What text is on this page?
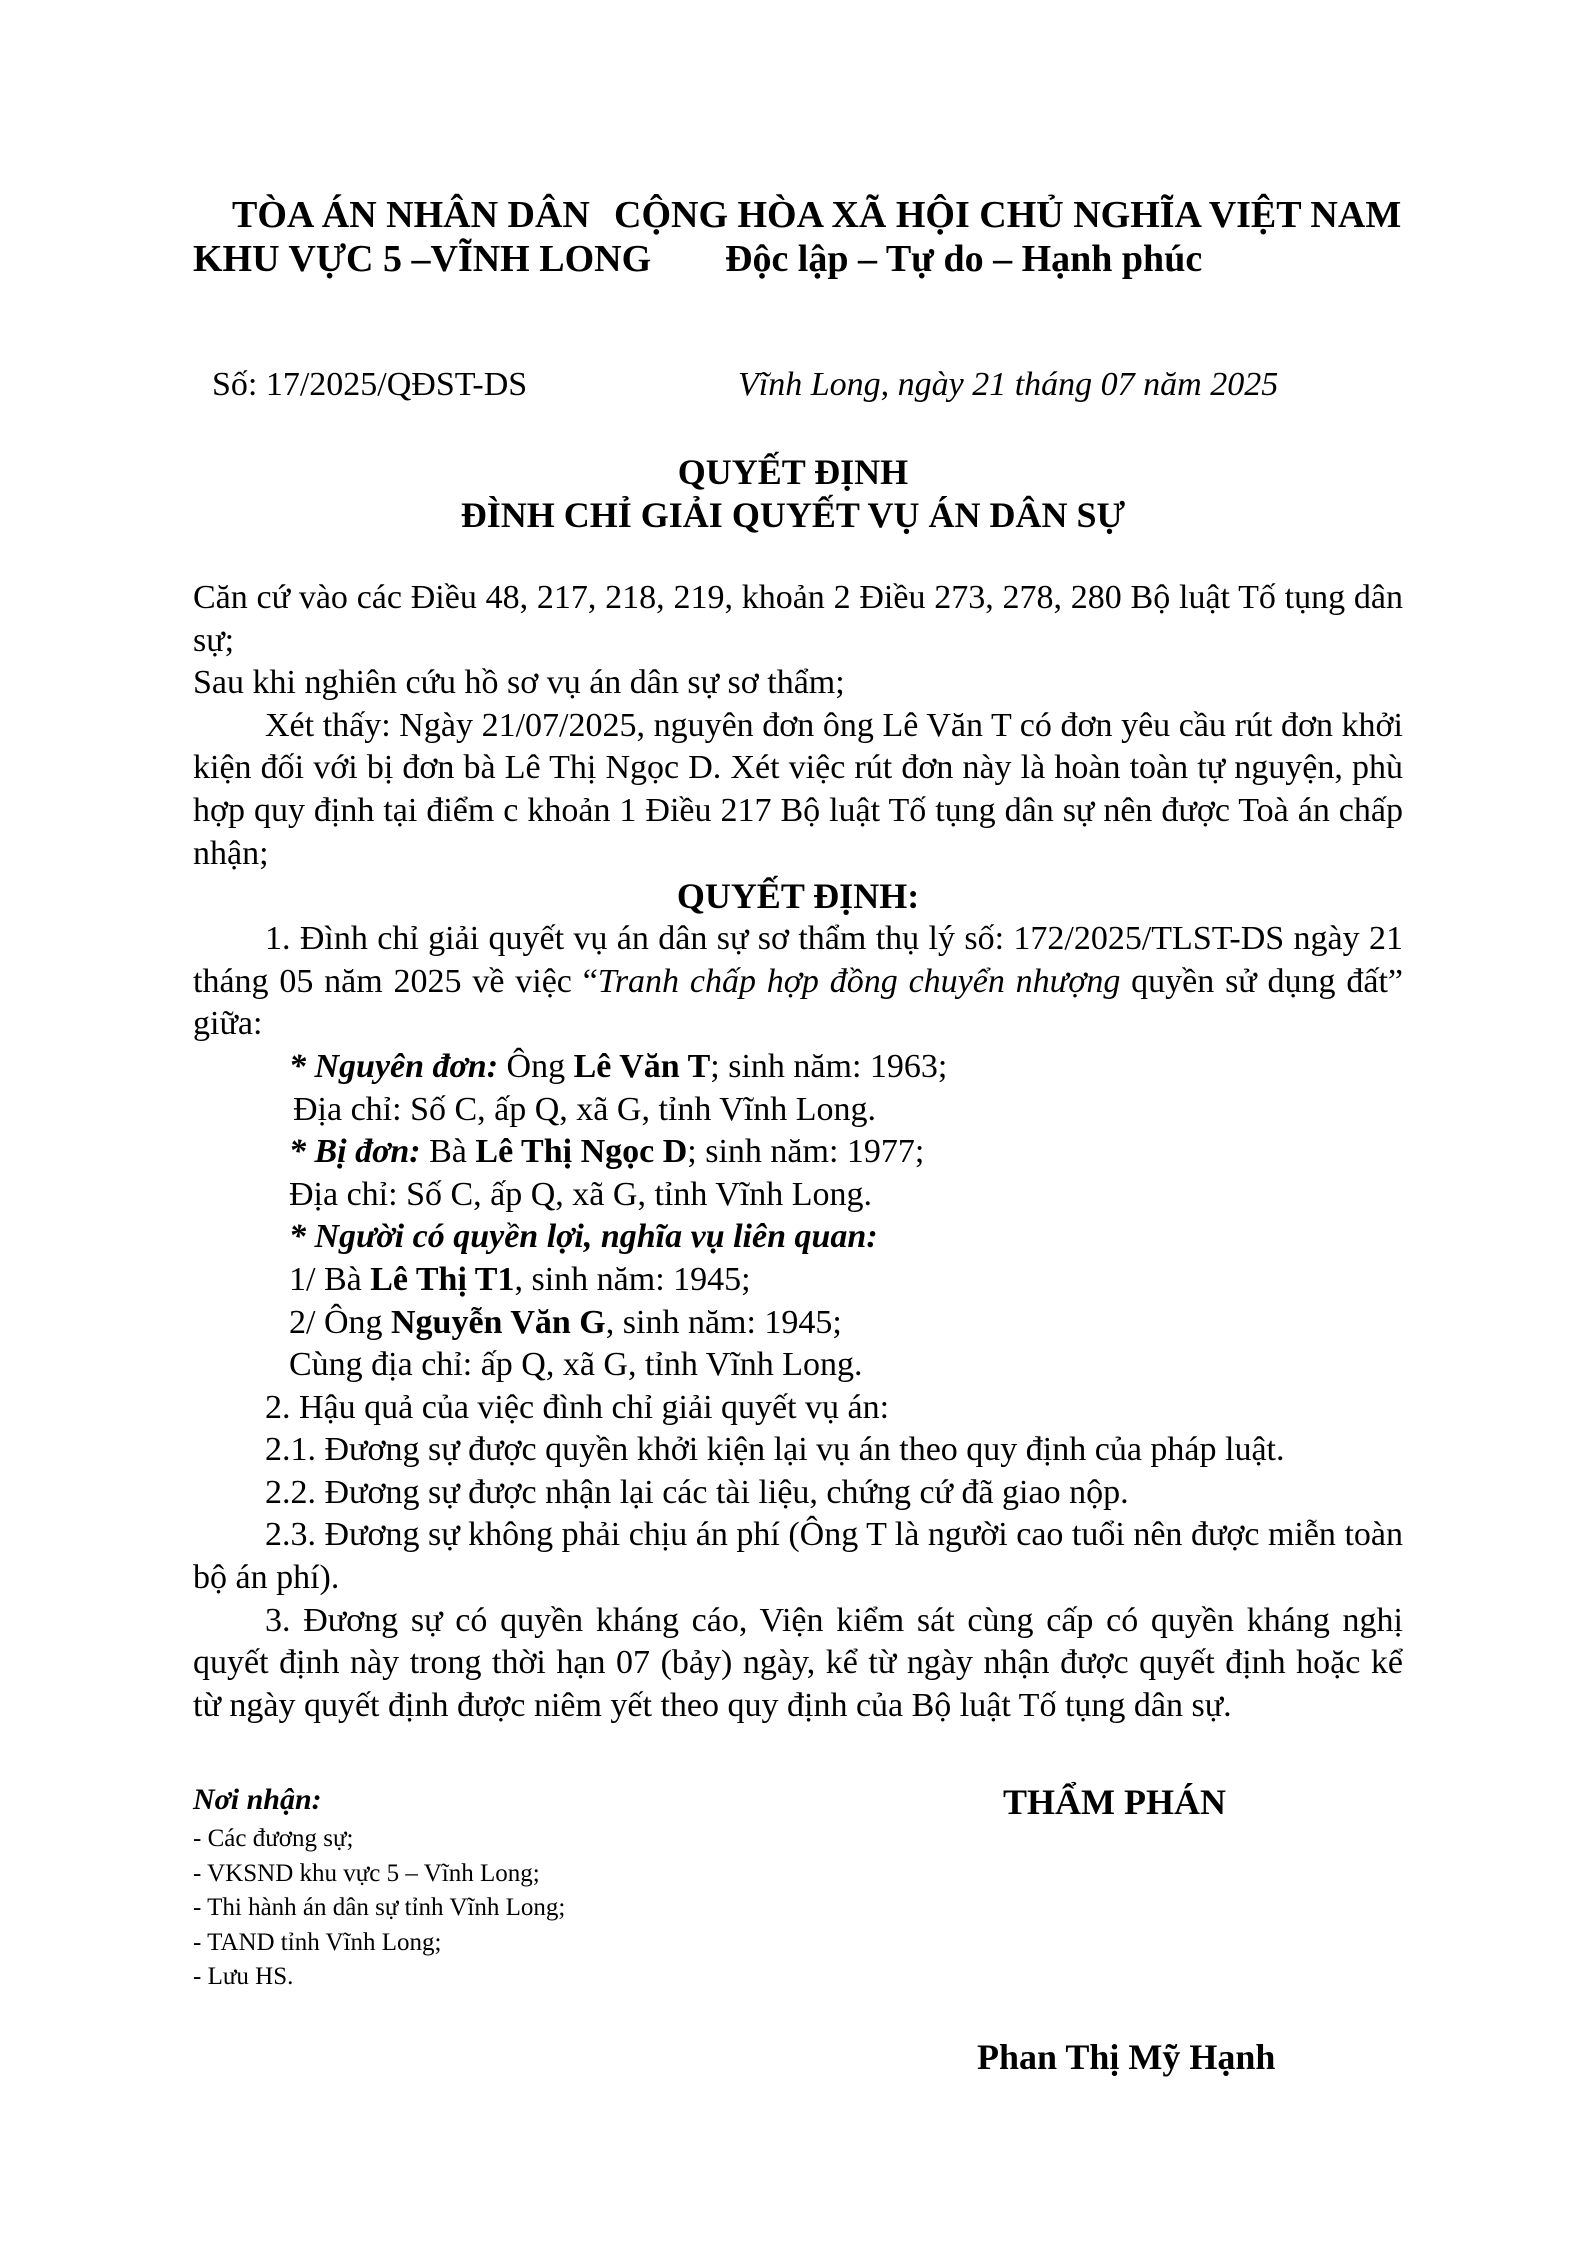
TÒA ÁN NHÂN DÂN
KHU VỰC 5 –VĨNH LONG
CỘNG HÒA XÃ HỘI CHỦ NGHĨA VIỆT NAM
Độc lập – Tự do – Hạnh phúc
Số: 17/2025/QĐST-DS	Vĩnh Long, ngày 21 tháng 07 năm 2025
QUYẾT ĐỊNH
ĐÌNH CHỈ GIẢI QUYẾT VỤ ÁN DÂN SỰ

Căn cứ vào các Điều 48, 217, 218, 219, khoản 2 Điều 273, 278, 280 Bộ luật Tố tụng dân sự;

Sau khi nghiên cứu hồ sơ vụ án dân sự sơ thẩm;

Xét thấy: Ngày 21/07/2025, nguyên đơn ông Lê Văn T có đơn yêu cầu rút đơn khởi kiện đối với bị đơn bà Lê Thị Ngọc D. Xét việc rút đơn này là hoàn toàn tự nguyện, phù hợp quy định tại điểm c khoản 1 Điều 217 Bộ luật Tố tụng dân sự nên được Toà án chấp nhận;

QUYẾT ĐỊNH:

1. Đình chỉ giải quyết vụ án dân sự sơ thẩm thụ lý số: 172/2025/TLST-DS ngày 21 tháng 05 năm 2025 về việc “Tranh chấp hợp đồng chuyển nhượng quyền sử dụng đất” giữa:

* Nguyên đơn: Ông Lê Văn T; sinh năm: 1963;

Địa chỉ: Số C, ấp Q, xã G, tỉnh Vĩnh Long.

* Bị đơn: Bà Lê Thị Ngọc D; sinh năm: 1977;

Địa chỉ: Số C, ấp Q, xã G, tỉnh Vĩnh Long.

* Người có quyền lợi, nghĩa vụ liên quan:

1/ Bà Lê Thị T1, sinh năm: 1945;

2/ Ông Nguyễn Văn G, sinh năm: 1945;

Cùng địa chỉ: ấp Q, xã G, tỉnh Vĩnh Long.

2. Hậu quả của việc đình chỉ giải quyết vụ án:

2.1. Đương sự được quyền khởi kiện lại vụ án theo quy định của pháp luật.

2.2. Đương sự được nhận lại các tài liệu, chứng cứ đã giao nộp.

2.3. Đương sự không phải chịu án phí (Ông T là người cao tuổi nên được miễn toàn bộ án phí).

3. Đương sự có quyền kháng cáo, Viện kiểm sát cùng cấp có quyền kháng nghị quyết định này trong thời hạn 07 (bảy) ngày, kể từ ngày nhận được quyết định hoặc kể từ ngày quyết định được niêm yết theo quy định của Bộ luật Tố tụng dân sự.

Nơi nhận:
- Các đương sự;
- VKSND khu vực 5 – Vĩnh Long;
- Thi hành án dân sự tỉnh Vĩnh Long;
- TAND tỉnh Vĩnh Long;
- Lưu HS.
THẨM PHÁN
Phan Thị Mỹ Hạnh
